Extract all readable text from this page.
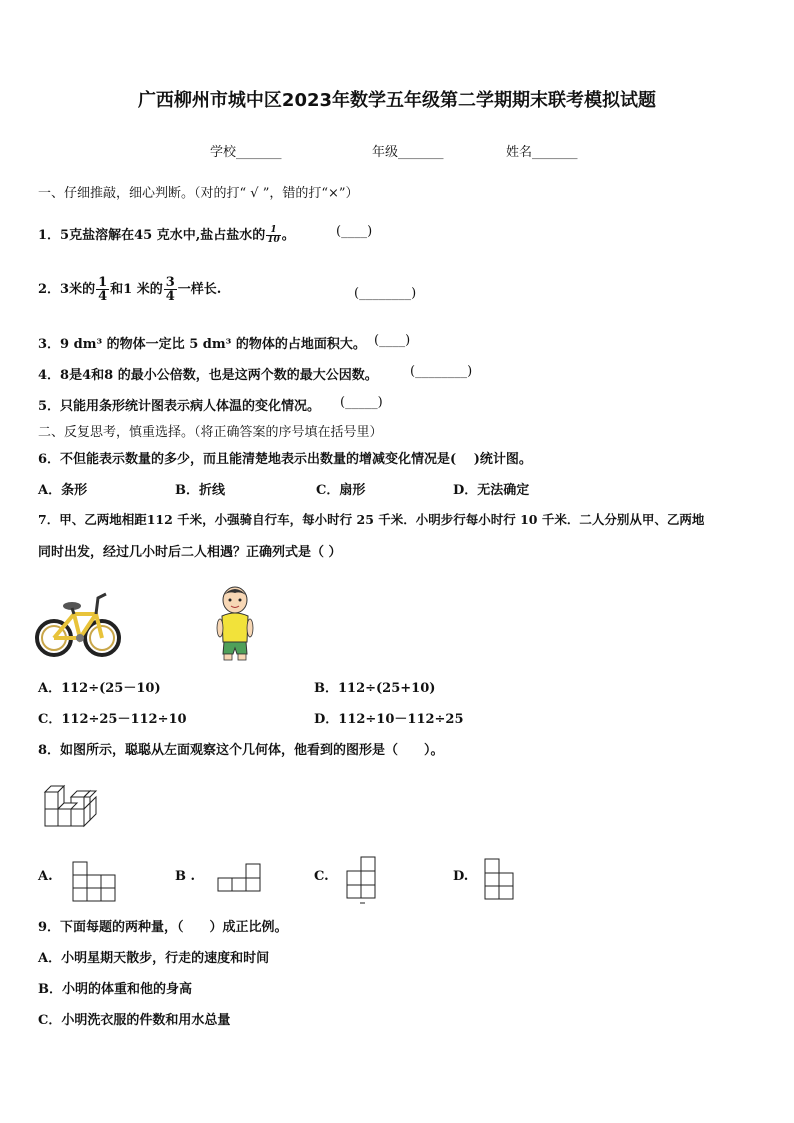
广西柳州市城中区2023年数学五年级第二学期期末联考模拟试题
学校_______	年级_______	姓名_______
一、仔细推敲，细心判断。（对的打“ √ ”，错的打“×”）
1．5克盐溶解在45 克水中,盐占盐水的 $\frac{1}{10}$ 。	(____)
2．3米的 $\frac{1}{4}$ 和1 米的 $\frac{3}{4}$ 一样长.	(________)
3．9 dm³ 的物体一定比 5 dm³ 的物体的占地面积大。 (____)
4．8是4和8 的最小公倍数，也是这两个数的最大公因数。 (________)
5．只能用条形统计图表示病人体温的变化情况。 (_____)
二、反复思考，慎重选择。（将正确答案的序号填在括号里）
6．不但能表示数量的多少，而且能清楚地表示出数量的增减变化情况是(　 )统计图。
A．条形	B．折线	C．扇形	D．无法确定
7．甲、乙两地相距112 千米，小强骑自行车，每小时行 25 千米．小明步行每小时行 10 千米．二人分别从甲、乙两地
同时出发，经过几小时后二人相遇？正确列式是（ ）
A．112÷(25－10)	B．112÷(25+10)
C．112÷25－112÷10	D．112÷10－112÷25
8．如图所示，聪聪从左面观察这个几何体，他看到的图形是（　　）。
A.	B .	C.	D.
9．下面每题的两种量，（　　）成正比例。
A．小明星期天散步，行走的速度和时间
B．小明的体重和他的身高
C．小明洗衣服的件数和用水总量
